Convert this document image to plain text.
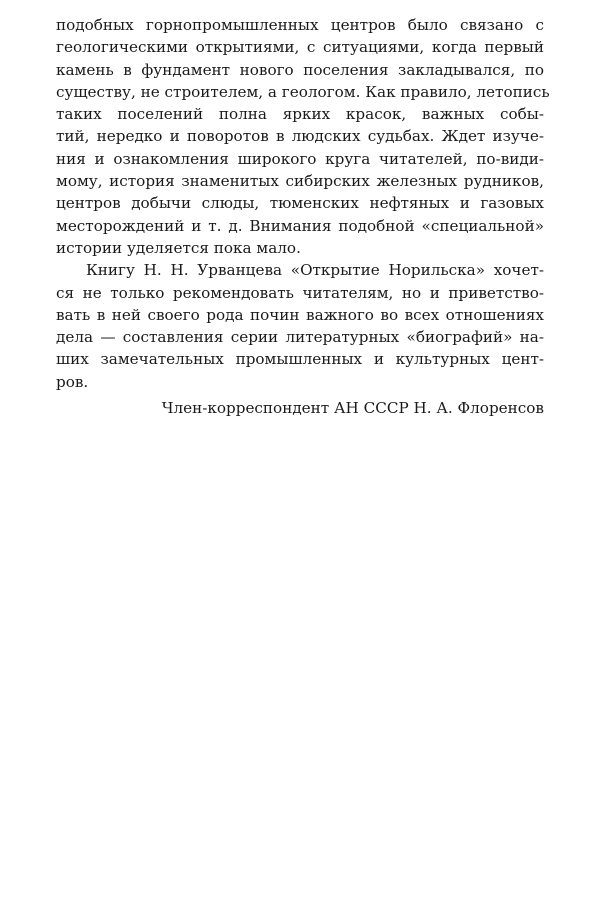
подобных горнопромышленных центров было связано с
геологическими открытиями, с ситуациями, когда первый
камень в фундамент нового поселения закладывался, по
существу, не строителем, а геологом. Как правило, летопись
таких поселений полна ярких красок, важных собы-
тий, нередко и поворотов в людских судьбах. Ждет изуче-
ния и ознакомления широкого круга читателей, по-види-
мому, история знаменитых сибирских железных рудников,
центров добычи слюды, тюменских нефтяных и газовых
месторождений и т. д. Внимания подобной «специальной»
истории уделяется пока мало.
Книгу Н. Н. Урванцева «Открытие Норильска» хочет-
ся не только рекомендовать читателям, но и приветство-
вать в ней своего рода почин важного во всех отношениях
дела — составления серии литературных «биографий» на-
ших замечательных промышленных и культурных цент-
ров.
Член-корреспондент АН СССР Н. А. Флоренсов
